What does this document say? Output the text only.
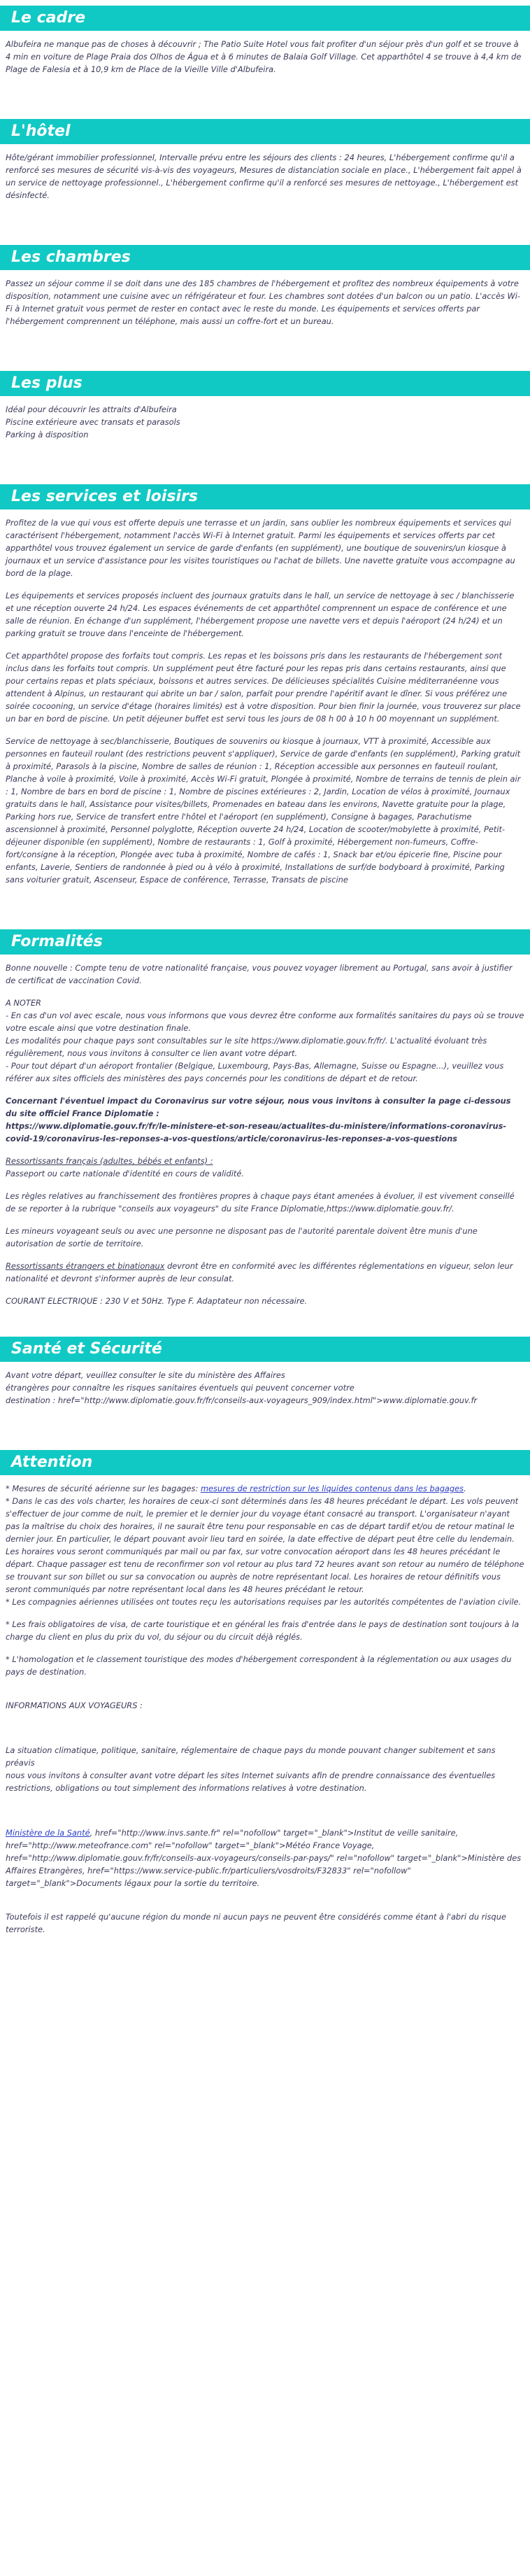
Le cadre

Albufeira ne manque pas de choses à découvrir ; The Patio Suite Hotel vous fait profiter d'un séjour près d'un golf et se trouve à 4 min en voiture de Plage Praia dos Olhos de Água et à 6 minutes de Balaia Golf Village. Cet apparthôtel 4 se trouve à 4,4 km de Plage de Falesia et à 10,9 km de Place de la Vieille Ville d'Albufeira.

L'hôtel

Hôte/gérant immobilier professionnel, Intervalle prévu entre les séjours des clients : 24 heures, L'hébergement confirme qu'il a renforcé ses mesures de sécurité vis-à-vis des voyageurs, Mesures de distanciation sociale en place., L'hébergement fait appel à un service de nettoyage professionnel., L'hébergement confirme qu'il a renforcé ses mesures de nettoyage., L'hébergement est désinfecté.

Les chambres

Passez un séjour comme il se doit dans une des 185 chambres de l'hébergement et profitez des nombreux équipements à votre disposition, notamment une cuisine avec un réfrigérateur et four. Les chambres sont dotées d'un balcon ou un patio. L'accès Wi-Fi à Internet gratuit vous permet de rester en contact avec le reste du monde. Les équipements et services offerts par l'hébergement comprennent un téléphone, mais aussi un coffre-fort et un bureau.

Les plus
Idéal pour découvrir les attraits d'Albufeira
Piscine extérieure avec transats et parasols
Parking à disposition
Les services et loisirs

Profitez de la vue qui vous est offerte depuis une terrasse et un jardin, sans oublier les nombreux équipements et services qui caractérisent l'hébergement, notamment l'accès Wi-Fi à Internet gratuit. Parmi les équipements et services offerts par cet apparthôtel vous trouvez également un service de garde d'enfants (en supplément), une boutique de souvenirs/un kiosque à journaux et un service d'assistance pour les visites touristiques ou l'achat de billets. Une navette gratuite vous accompagne au bord de la plage.

Les équipements et services proposés incluent des journaux gratuits dans le hall, un service de nettoyage à sec / blanchisserie et une réception ouverte 24 h/24. Les espaces événements de cet apparthôtel comprennent un espace de conférence et une salle de réunion. En échange d'un supplément, l'hébergement propose une navette vers et depuis l'aéroport (24 h/24) et un parking gratuit se trouve dans l'enceinte de l'hébergement.

Cet apparthôtel propose des forfaits tout compris. Les repas et les boissons pris dans les restaurants de l'hébergement sont inclus dans les forfaits tout compris. Un supplément peut être facturé pour les repas pris dans certains restaurants, ainsi que pour certains repas et plats spéciaux, boissons et autres services. De délicieuses spécialités Cuisine méditerranéenne vous attendent à Alpinus, un restaurant qui abrite un bar / salon, parfait pour prendre l'apéritif avant le dîner. Si vous préférez une soirée cocooning, un service d'étage (horaires limités) est à votre disposition. Pour bien finir la journée, vous trouverez sur place un bar en bord de piscine. Un petit déjeuner buffet est servi tous les jours de 08 h 00 à 10 h 00 moyennant un supplément.

Service de nettoyage à sec/blanchisserie, Boutiques de souvenirs ou kiosque à journaux, VTT à proximité, Accessible aux personnes en fauteuil roulant (des restrictions peuvent s'appliquer), Service de garde d'enfants (en supplément), Parking gratuit à proximité, Parasols à la piscine, Nombre de salles de réunion : 1, Réception accessible aux personnes en fauteuil roulant, Planche à voile à proximité, Voile à proximité, Accès Wi-Fi gratuit, Plongée à proximité, Nombre de terrains de tennis de plein air : 1, Nombre de bars en bord de piscine : 1, Nombre de piscines extérieures : 2, Jardin, Location de vélos à proximité, Journaux gratuits dans le hall, Assistance pour visites/billets, Promenades en bateau dans les environs, Navette gratuite pour la plage, Parking hors rue, Service de transfert entre l'hôtel et l'aéroport (en supplément), Consigne à bagages, Parachutisme ascensionnel à proximité, Personnel polyglotte, Réception ouverte 24 h/24, Location de scooter/mobylette à proximité, Petit-déjeuner disponible (en supplément), Nombre de restaurants : 1, Golf à proximité, Hébergement non-fumeurs, Coffre-fort/consigne à la réception, Plongée avec tuba à proximité, Nombre de cafés : 1, Snack bar et/ou épicerie fine, Piscine pour enfants, Laverie, Sentiers de randonnée à pied ou à vélo à proximité, Installations de surf/de bodyboard à proximité, Parking sans voiturier gratuit, Ascenseur, Espace de conférence, Terrasse, Transats de piscine

Formalités

Bonne nouvelle : Compte tenu de votre nationalité française, vous pouvez voyager librement au Portugal, sans avoir à justifier de certificat de vaccination Covid.

A NOTER
- En cas d'un vol avec escale, nous vous informons que vous devrez être conforme aux formalités sanitaires du pays où se trouve votre escale ainsi que votre destination finale.
Les modalités pour chaque pays sont consultables sur le site https://www.diplomatie.gouv.fr/fr/. L'actualité évoluant très régulièrement, nous vous invitons à consulter ce lien avant votre départ.
- Pour tout départ d'un aéroport frontalier (Belgique, Luxembourg, Pays-Bas, Allemagne, Suisse ou Espagne...), veuillez vous référer aux sites officiels des ministères des pays concernés pour les conditions de départ et de retour.

Concernant l'éventuel impact du Coronavirus sur votre séjour, nous vous invitons à consulter la page ci-dessous du site officiel France Diplomatie :
https://www.diplomatie.gouv.fr/fr/le-ministere-et-son-reseau/actualites-du-ministere/informations-coronavirus-covid-19/coronavirus-les-reponses-a-vos-questions/article/coronavirus-les-reponses-a-vos-questions

Ressortissants français (adultes, bébés et enfants) :
Passeport ou carte nationale d'identité en cours de validité.

Les règles relatives au franchissement des frontières propres à chaque pays étant amenées à évoluer, il est vivement conseillé de se reporter à la rubrique "conseils aux voyageurs" du site France Diplomatie,https://www.diplomatie.gouv.fr/.

Les mineurs voyageant seuls ou avec une personne ne disposant pas de l'autorité parentale doivent être munis d'une autorisation de sortie de territoire.

Ressortissants étrangers et binationaux devront être en conformité avec les différentes réglementations en vigueur, selon leur nationalité et devront s'informer auprès de leur consulat.

COURANT ELECTRIQUE : 230 V et 50Hz. Type F. Adaptateur non nécessaire.

Santé et Sécurité

Avant votre départ, veuillez consulter le site du ministère des Affaires
étrangères pour connaître les risques sanitaires éventuels qui peuvent concerner votre
destination : href="http://www.diplomatie.gouv.fr/fr/conseils-aux-voyageurs_909/index.html">www.diplomatie.gouv.fr

Attention
* Mesures de sécurité aérienne sur les bagages: mesures de restriction sur les liquides contenus dans les bagages.

* Dans le cas des vols charter, les horaires de ceux-ci sont déterminés dans les 48 heures précédant le départ. Les vols peuvent s'effectuer de jour comme de nuit, le premier et le dernier jour du voyage étant consacré au transport. L'organisateur n'ayant pas la maîtrise du choix des horaires, il ne saurait être tenu pour responsable en cas de départ tardif et/ou de retour matinal le dernier jour. En particulier, le départ pouvant avoir lieu tard en soirée, la date effective de départ peut être celle du lendemain. Les horaires vous seront communiqués par mail ou par fax, sur votre convocation aéroport dans les 48 heures précédant le départ. Chaque passager est tenu de reconfirmer son vol retour au plus tard 72 heures avant son retour au numéro de téléphone se trouvant sur son billet ou sur sa convocation ou auprès de notre représentant local. Les horaires de retour définitifs vous seront communiqués par notre représentant local dans les 48 heures précédant le retour.
* Les compagnies aériennes utilisées ont toutes reçu les autorisations requises par les autorités compétentes de l'aviation civile.

* Les frais obligatoires de visa, de carte touristique et en général les frais d'entrée dans le pays de destination sont toujours à la charge du client en plus du prix du vol, du séjour ou du circuit déjà réglés.

* L'homologation et le classement touristique des modes d'hébergement correspondent à la réglementation ou aux usages du pays de destination.

INFORMATIONS AUX VOYAGEURS :

La situation climatique, politique, sanitaire, réglementaire de chaque pays du monde pouvant changer subitement et sans préavis
nous vous invitons à consulter avant votre départ les sites Internet suivants afin de prendre connaissance des éventuelles restrictions, obligations ou tout simplement des informations relatives à votre destination.

Ministère de la Santé, href="http://www.invs.sante.fr" rel="nofollow" target="_blank">Institut de veille sanitaire, href="http://www.meteofrance.com" rel="nofollow" target="_blank">Météo France Voyage, href="http://www.diplomatie.gouv.fr/fr/conseils-aux-voyageurs/conseils-par-pays/" rel="nofollow" target="_blank">Ministère des Affaires Etrangères, href="https://www.service-public.fr/particuliers/vosdroits/F32833" rel="nofollow" target="_blank">Documents légaux pour la sortie du territoire.

Toutefois il est rappelé qu'aucune région du monde ni aucun pays ne peuvent être considérés comme étant à l'abri du risque terroriste.
